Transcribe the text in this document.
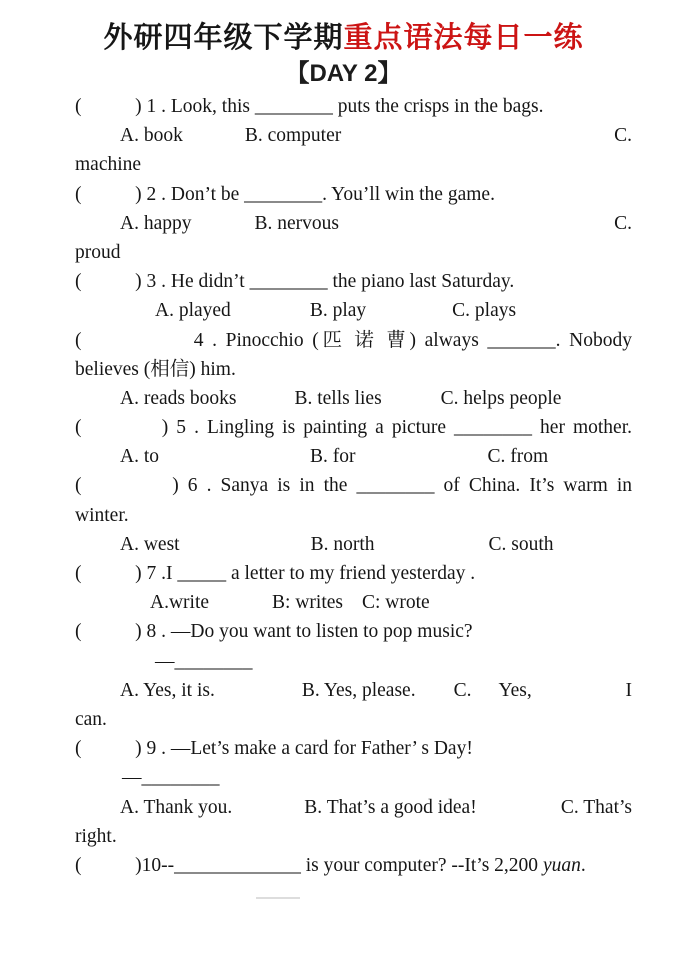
外研四年级下学期重点语法每日一练
【DAY 2】
(           ) 1 . Look, this ________ puts the crisps in the bags.
A. book	B. computer	C.
machine
(           ) 2 . Don’t be ________. You’ll win the game.
A. happy	B. nervous	C.
proud
(           ) 3 . He didn’t ________ the piano last Saturday.
A. played	B. play	C. plays
(             4 . Pinocchio (匹 诺 曹) always _______. Nobody
believes (相信) him.
A. reads books	B. tells lies	C. helps people
(          ) 5 . Lingling is painting a picture ________ her mother.
A. to	B. for	C. from
(          ) 6 . Sanya is in the ________ of China. It’s warm in
winter.
A. west	B. north	C. south
(           ) 7 .I _____ a letter to my friend yesterday .
A.write	B: writes C: wrote
(           ) 8 . —Do you want to listen to pop music?
—________
A. Yes, it is.	B. Yes, please. C. Yes,	I
can.
(           ) 9 . —Let’s make a card for Father’ s Day!
—________
A. Thank you.	B. That’s a good idea!	C. That’s
right.
(           )10--_____________ is your computer? --It’s 2,200 yuan.
